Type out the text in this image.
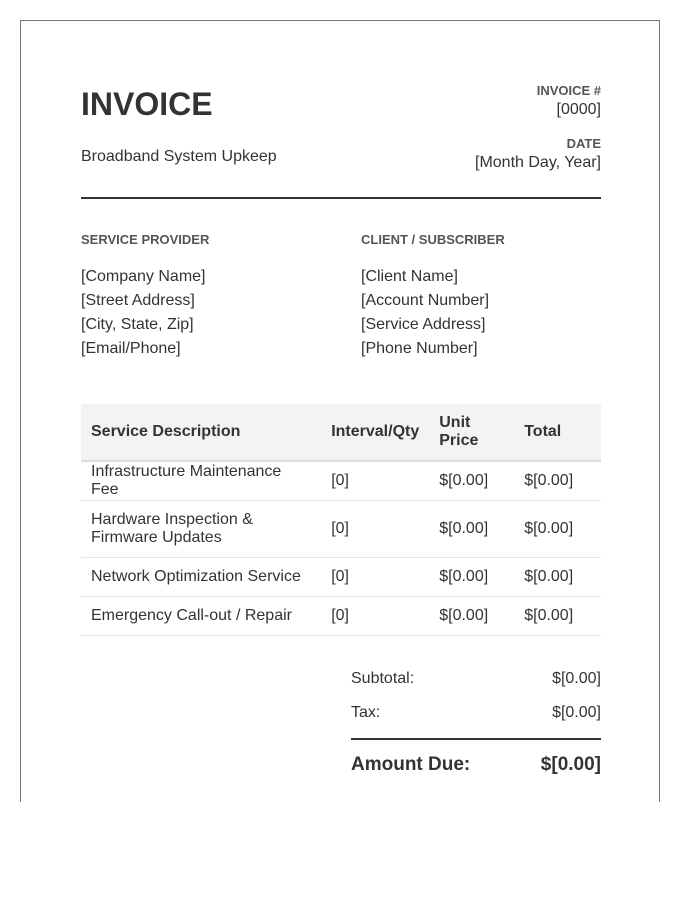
INVOICE
Broadband System Upkeep
INVOICE #
[0000]
DATE
[Month Day, Year]
SERVICE PROVIDER
[Company Name]
[Street Address]
[City, State, Zip]
[Email/Phone]
CLIENT / SUBSCRIBER
[Client Name]
[Account Number]
[Service Address]
[Phone Number]
Service Description	Interval/Qty	Unit Price	Total
Infrastructure Maintenance Fee	[0]	$[0.00]	$[0.00]
Hardware Inspection & Firmware Updates	[0]	$[0.00]	$[0.00]
Network Optimization Service	[0]	$[0.00]	$[0.00]
Emergency Call-out / Repair	[0]	$[0.00]	$[0.00]
Subtotal:	$[0.00]
Tax:	$[0.00]
Amount Due:	$[0.00]
